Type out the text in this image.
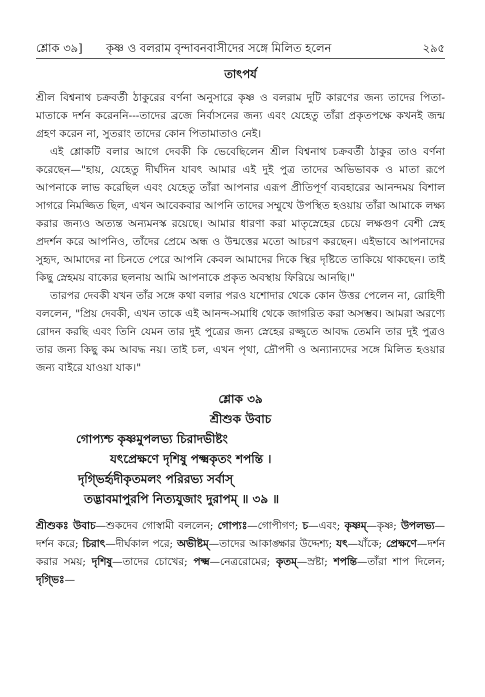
শ্লোক ৩৯] কৃষ্ণ ও বলরাম বৃন্দাবনবাসীদের সঙ্গে মিলিত হলেন	২৯৫
তাৎপর্য

শ্রীল বিশ্বনাথ চক্রবর্তী ঠাকুরের বর্ণনা অনুসারে কৃষ্ণ ও বলরাম দুটি কারণের জন্য তাদের পিতা-মাতাকে দর্শন করেননি---তাদের ব্রজে নির্বাসনের জন্য এবং যেহেতু তাঁরা প্রকৃতপক্ষে কখনই জন্ম গ্রহণ করেন না, সুতরাং তাদের কোন পিতামাতাও নেই।

এই শ্লোকটি বলার আগে দেবকী কি ভেবেছিলেন শ্রীল বিশ্বনাথ চক্রবর্তী ঠাকুর তাও বর্ণনা করেছেন—"হায়, যেহেতু দীর্ঘদিন যাবৎ আমার এই দুই পুত্র তাদের অভিভাবক ও মাতা রূপে আপনাকে লাভ করেছিল এবং যেহেতু তাঁরা আপনার এরূপ প্রীতিপূর্ণ ব্যবহারের আনন্দময় বিশাল সাগরে নিমজ্জিত ছিল, এখন আবেকবার আপনি তাদের সম্মুখে উপস্থিত হওয়ায় তাঁরা আমাকে লক্ষ্য করার জন্যও অত্যন্ত অন্যমনস্ক রয়েছে। আমার ধারণা করা মাতৃস্নেহের চেয়ে লক্ষগুণ বেশী স্নেহ প্রদর্শন করে আপনিও, তাঁদের প্রেমে অন্ধ ও উন্মত্তের মতো আচরণ করছেন। এইভাবে আপনাদের সুহৃদ, আমাদের না চিনতে পেরে আপনি কেবল আমাদের দিকে স্থির দৃষ্টিতে তাকিয়ে থাকছেন। তাই কিছু স্নেহময় বাক্যের ছলনায় আমি আপনাকে প্রকৃত অবস্থায় ফিরিয়ে আনছি।"

তারপর দেবকী যখন তাঁর সঙ্গে কথা বলার পরও যশোদার থেকে কোন উত্তর পেলেন না, রোহিণী বললেন, "প্রিয় দেবকী, এখন তাকে এই আনন্দ-সমাধি থেকে জাগরিত করা অসম্ভব। আমরা অরণ্যে রোদন করছি এবং তিনি যেমন তার দুই পুত্রের জন্য স্নেহের রজ্জুতে আবদ্ধ তেমনি তার দুই পুত্রও তার জন্য কিছু কম আবদ্ধ নয়। তাই চল, এখন পৃথা, দ্রৌপদী ও অন্যান্যদের সঙ্গে মিলিত হওয়ার জন্য বাইরে যাওয়া যাক।"

শ্লোক ৩৯
শ্রীশুক উবাচ
গোপ্যশ্চ কৃষ্ণমুপলভ্য চিরাদভীষ্টং
যৎপ্রেক্ষণে দৃশিষু পক্ষ্মকৃতং শপন্তি ।
দৃগ্ভির্হৃদীকৃতমলং পরিরভ্য সর্বাস্
তদ্ভাবমাপুরপি নিত্যযুজাং দুরাপম্ ॥ ৩৯ ॥
শ্রীশুকঃ উবাচ—শুকদেব গোস্বামী বললেন; গোপ্যঃ—গোপীগণ; চ—এবং; কৃষ্ণম্—কৃষ্ণ; উপলভ্য—দর্শন করে; চিরাৎ—দীর্ঘকাল পরে; অভীষ্টম্—তাদের আকাঙ্ক্ষার উদ্দেশ্য; যৎ—যাঁকে; প্রেক্ষণে—দর্শন করার সময়; দৃশিষু—তাদের চোখের; পক্ষ্ম—নেত্ররোমের; কৃতম্—স্রষ্টা; শপন্তি—তাঁরা শাপ দিলেন; দৃগ্ভিঃ—
